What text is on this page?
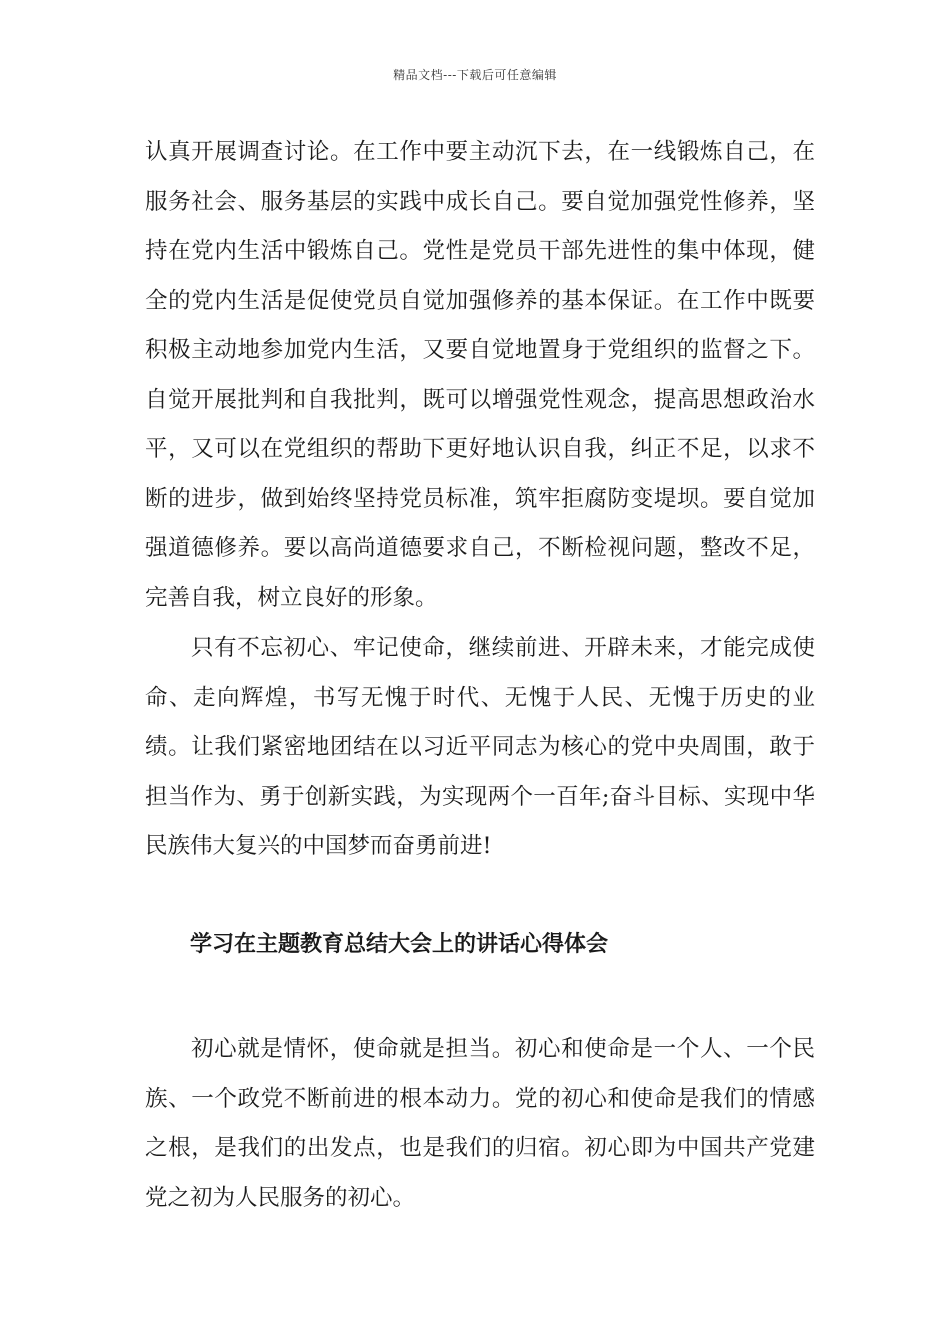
精品文档---下载后可任意编辑

认真开展调查讨论。在工作中要主动沉下去，在一线锻炼自己，在服务社会、服务基层的实践中成长自己。要自觉加强党性修养，坚持在党内生活中锻炼自己。党性是党员干部先进性的集中体现，健全的党内生活是促使党员自觉加强修养的基本保证。在工作中既要积极主动地参加党内生活，又要自觉地置身于党组织的监督之下。自觉开展批判和自我批判，既可以增强党性观念，提高思想政治水平，又可以在党组织的帮助下更好地认识自我，纠正不足，以求不断的进步，做到始终坚持党员标准，筑牢拒腐防变堤坝。要自觉加强道德修养。要以高尚道德要求自己，不断检视问题，整改不足，完善自我，树立良好的形象。

只有不忘初心、牢记使命，继续前进、开辟未来，才能完成使命、走向辉煌，书写无愧于时代、无愧于人民、无愧于历史的业绩。让我们紧密地团结在以习近平同志为核心的党中央周围，敢于担当作为、勇于创新实践，为实现两个一百年;奋斗目标、实现中华民族伟大复兴的中国梦而奋勇前进!

学习在主题教育总结大会上的讲话心得体会

初心就是情怀，使命就是担当。初心和使命是一个人、一个民族、一个政党不断前进的根本动力。党的初心和使命是我们的情感之根，是我们的出发点，也是我们的归宿。初心即为中国共产党建党之初为人民服务的初心。
